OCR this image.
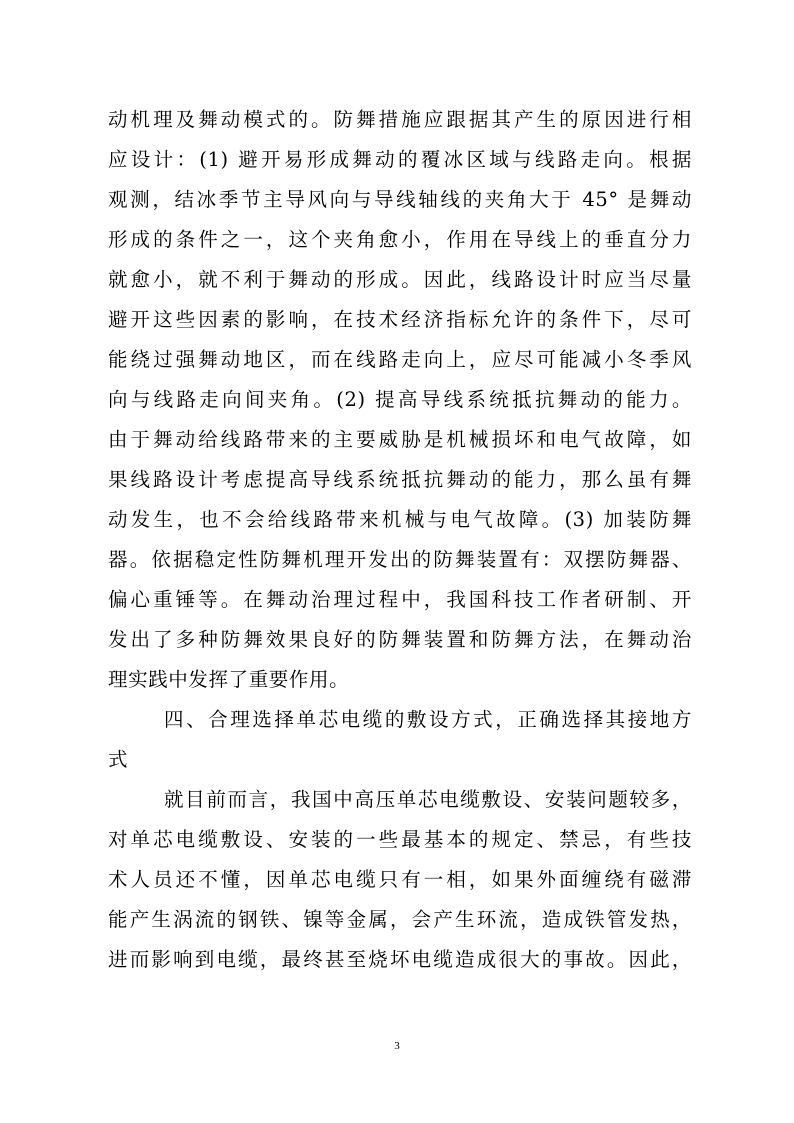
动机理及舞动模式的。防舞措施应跟据其产生的原因进行相
应设计：(1) 避开易形成舞动的覆冰区域与线路走向。根据
观测，结冰季节主导风向与导线轴线的夹角大于 45° 是舞动
形成的条件之一，这个夹角愈小，作用在导线上的垂直分力
就愈小，就不利于舞动的形成。因此，线路设计时应当尽量
避开这些因素的影响，在技术经济指标允许的条件下，尽可
能绕过强舞动地区，而在线路走向上，应尽可能减小冬季风
向与线路走向间夹角。(2) 提高导线系统抵抗舞动的能力。
由于舞动给线路带来的主要威胁是机械损坏和电气故障，如
果线路设计考虑提高导线系统抵抗舞动的能力，那么虽有舞
动发生，也不会给线路带来机械与电气故障。(3) 加装防舞
器。依据稳定性防舞机理开发出的防舞装置有：双摆防舞器、
偏心重锤等。在舞动治理过程中，我国科技工作者研制、开
发出了多种防舞效果良好的防舞装置和防舞方法，在舞动治
理实践中发挥了重要作用。
四、合理选择单芯电缆的敷设方式，正确选择其接地方
式
就目前而言，我国中高压单芯电缆敷设、安装问题较多，
对单芯电缆敷设、安装的一些最基本的规定、禁忌，有些技
术人员还不懂，因单芯电缆只有一相，如果外面缠绕有磁滞
能产生涡流的钢铁、镍等金属，会产生环流，造成铁管发热，
进而影响到电缆，最终甚至烧坏电缆造成很大的事故。因此，
3
